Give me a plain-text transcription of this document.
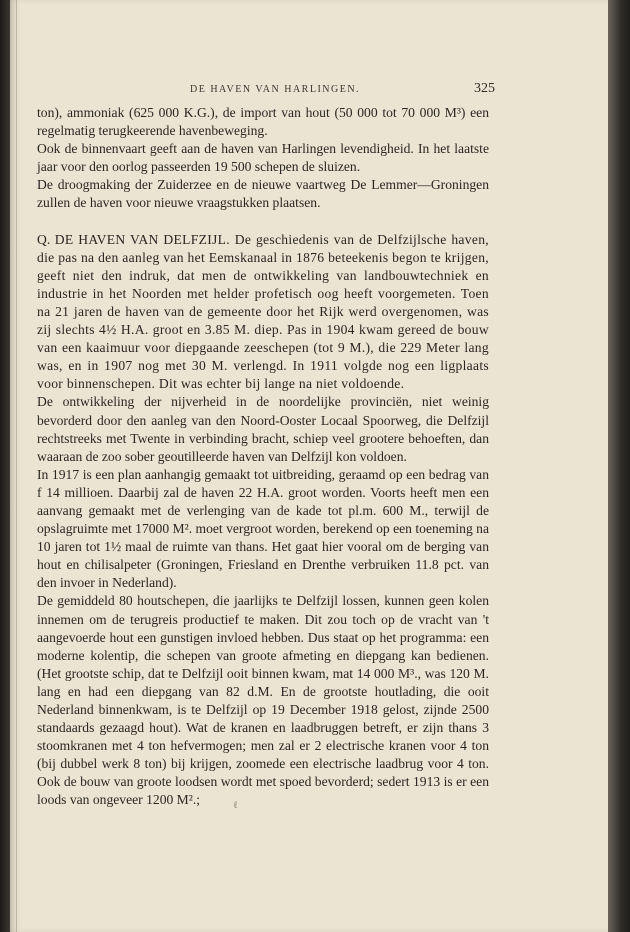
DE HAVEN VAN HARLINGEN.	325

ton), ammoniak (625 000 K.G.), de import van hout (50 000 tot 70 000 M³) een regelmatig terugkeerende havenbeweging.

Ook de binnenvaart geeft aan de haven van Harlingen levendigheid. In het laatste jaar voor den oorlog passeerden 19 500 schepen de sluizen.

De droogmaking der Zuiderzee en de nieuwe vaartweg De Lemmer—Groningen zullen de haven voor nieuwe vraagstukken plaatsen.

Q. DE HAVEN VAN DELFZIJL. De geschiedenis van de Delfzijlsche haven, die pas na den aanleg van het Eemskanaal in 1876 beteekenis begon te krijgen, geeft niet den indruk, dat men de ontwikkeling van landbouwtechniek en industrie in het Noorden met helder profetisch oog heeft voorgemeten. Toen na 21 jaren de haven van de gemeente door het Rijk werd overgenomen, was zij slechts 4½ H.A. groot en 3.85 M. diep. Pas in 1904 kwam gereed de bouw van een kaaimuur voor diepgaande zeeschepen (tot 9 M.), die 229 Meter lang was, en in 1907 nog met 30 M. verlengd. In 1911 volgde nog een ligplaats voor binnenschepen. Dit was echter bij lange na niet voldoende.

De ontwikkeling der nijverheid in de noordelijke provinciën, niet weinig bevorderd door den aanleg van den Noord-Ooster Locaal Spoorweg, die Delfzijl rechtstreeks met Twente in verbinding bracht, schiep veel grootere behoeften, dan waaraan de zoo sober geoutilleerde haven van Delfzijl kon voldoen.

In 1917 is een plan aanhangig gemaakt tot uitbreiding, geraamd op een bedrag van f 14 millioen. Daarbij zal de haven 22 H.A. groot worden. Voorts heeft men een aanvang gemaakt met de verlenging van de kade tot pl.m. 600 M., terwijl de opslagruimte met 17000 M². moet vergroot worden, berekend op een toeneming na 10 jaren tot 1½ maal de ruimte van thans. Het gaat hier vooral om de berging van hout en chilisalpeter (Groningen, Friesland en Drenthe verbruiken 11.8 pct. van den invoer in Nederland).

De gemiddeld 80 houtschepen, die jaarlijks te Delfzijl lossen, kunnen geen kolen innemen om de terugreis productief te maken. Dit zou toch op de vracht van 't aangevoerde hout een gunstigen invloed hebben. Dus staat op het programma: een moderne kolentip, die schepen van groote afmeting en diepgang kan bedienen. (Het grootste schip, dat te Delfzijl ooit binnen kwam, mat 14 000 M³., was 120 M. lang en had een diepgang van 82 d.M. En de grootste houtlading, die ooit Nederland binnenkwam, is te Delfzijl op 19 December 1918 gelost, zijnde 2500 standaards gezaagd hout). Wat de kranen en laadbruggen betreft, er zijn thans 3 stoomkranen met 4 ton hefvermogen; men zal er 2 electrische kranen voor 4 ton (bij dubbel werk 8 ton) bij krijgen, zoomede een electrische laadbrug voor 4 ton. Ook de bouw van groote loodsen wordt met spoed bevorderd; sedert 1913 is er een loods van ongeveer 1200 M².;	ℓ
